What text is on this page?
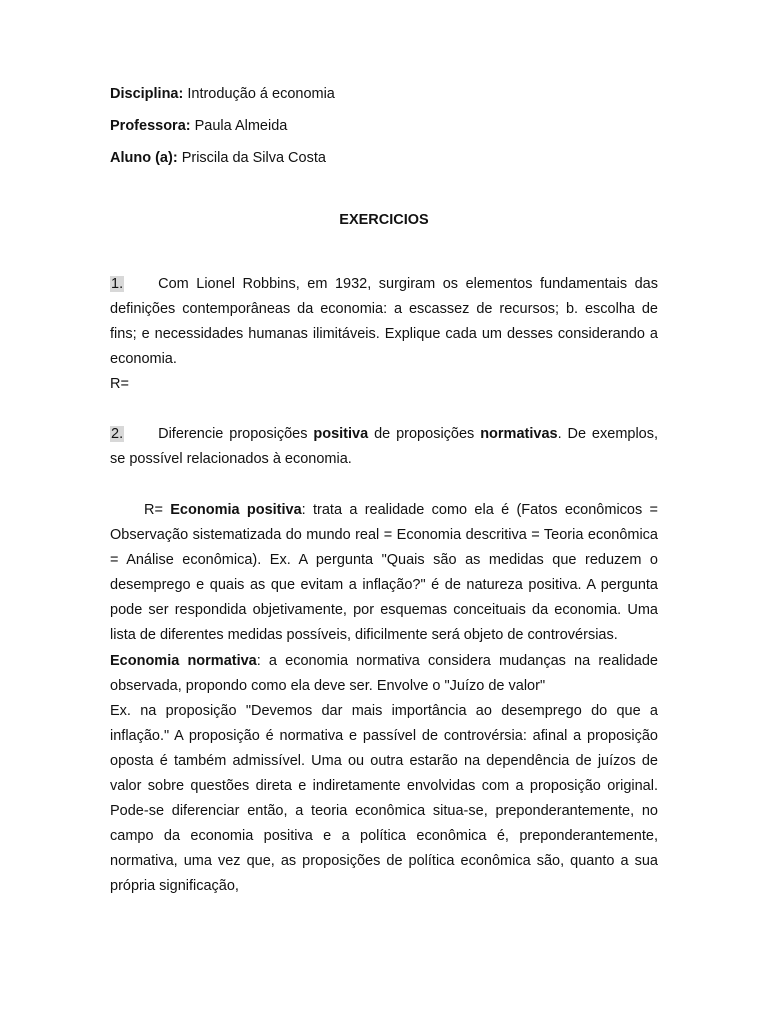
Disciplina: Introdução á economia
Professora: Paula Almeida
Aluno (a): Priscila da Silva Costa
EXERCICIOS
1. Com Lionel Robbins, em 1932, surgiram os elementos fundamentais das definições contemporâneas da economia: a escassez de recursos; b. escolha de fins; e necessidades humanas ilimitáveis. Explique cada um desses considerando a economia.
R=
2. Diferencie proposições positiva de proposições normativas. De exemplos, se possível relacionados à economia.
R= Economia positiva: trata a realidade como ela é (Fatos econômicos = Observação sistematizada do mundo real = Economia descritiva = Teoria econômica = Análise econômica). Ex. A pergunta "Quais são as medidas que reduzem o desemprego e quais as que evitam a inflação?" é de natureza positiva. A pergunta pode ser respondida objetivamente, por esquemas conceituais da economia. Uma lista de diferentes medidas possíveis, dificilmente será objeto de controvérsias.
Economia normativa: a economia normativa considera mudanças na realidade observada, propondo como ela deve ser. Envolve o "Juízo de valor"
Ex. na proposição "Devemos dar mais importância ao desemprego do que a inflação." A proposição é normativa e passível de controvérsia: afinal a proposição oposta é também admissível. Uma ou outra estarão na dependência de juízos de valor sobre questões direta e indiretamente envolvidas com a proposição original. Pode-se diferenciar então, a teoria econômica situa-se, preponderantemente, no campo da economia positiva e a política econômica é, preponderantemente, normativa, uma vez que, as proposições de política econômica são, quanto a sua própria significação,
